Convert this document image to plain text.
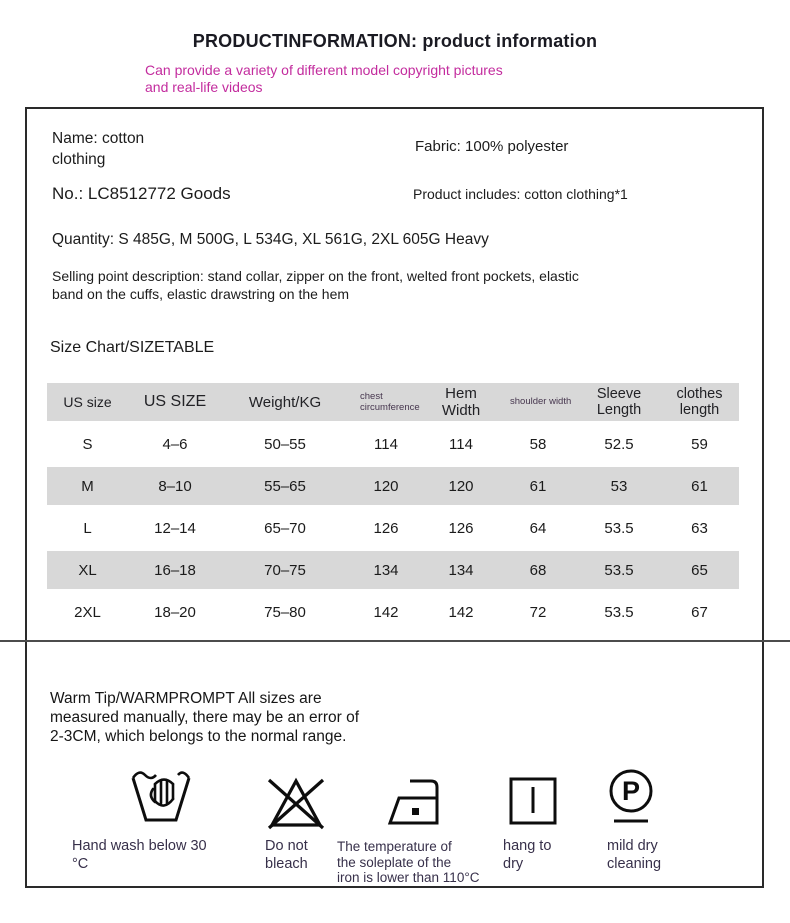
PRODUCTINFORMATION: product information
Can provide a variety of different model copyright pictures
and real-life videos
Name: cotton
clothing
Fabric: 100% polyester
No.: LC8512772 Goods	Product includes: cotton clothing*1
Quantity: S 485G, M 500G, L 534G, XL 561G, 2XL 605G Heavy
Selling point description: stand collar, zipper on the front, welted front pockets, elastic
band on the cuffs, elastic drawstring on the hem
Size Chart/SIZETABLE
US size	US SIZE	Weight/KG	chest circumference	Hem Width	shoulder width	Sleeve Length	clothes length
S	4–6	50–55	114	114	58	52.5	59
M	8–10	55–65	120	120	61	53	61
L	12–14	65–70	126	126	64	53.5	63
XL	16–18	70–75	134	134	68	53.5	65
2XL	18–20	75–80	142	142	72	53.5	67
Warm Tip/WARMPROMPT All sizes are
measured manually, there may be an error of
2-3CM, which belongs to the normal range.
P
Hand wash below 30
°C
Do not
bleach
The temperature of
the soleplate of the
iron is lower than 110°C
hang to
dry
mild dry
cleaning
